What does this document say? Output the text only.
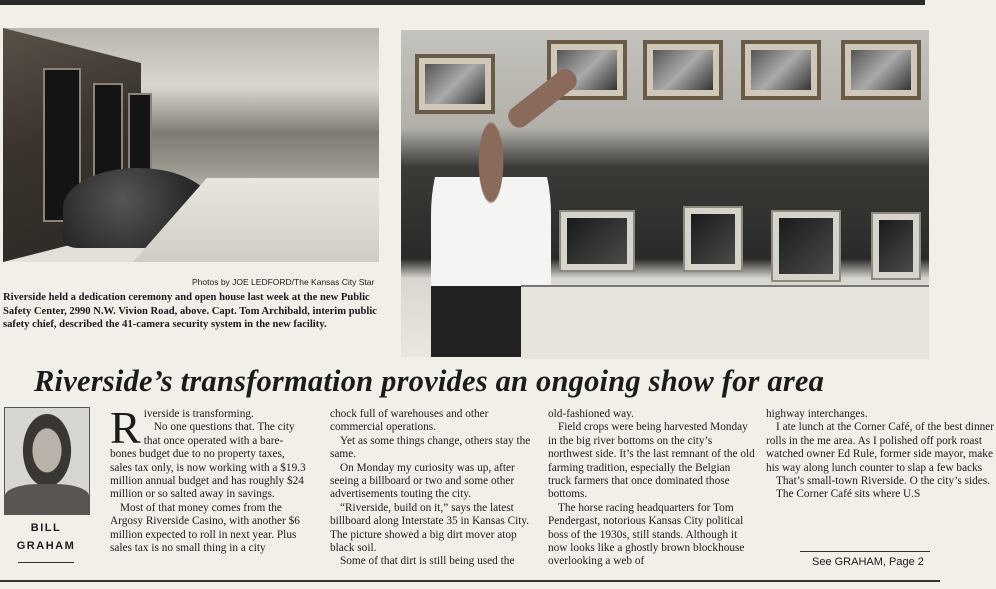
Photos by JOE LEDFORD/The Kansas City Star
Riverside held a dedication ceremony and open house last week at the new Public Safety Center, 2990 N.W. Vivion Road, above. Capt. Tom Archibald, interim public safety chief, described the 41-camera security system in the new facility.
Riverside’s transformation provides an ongoing show for area
BILL
GRAHAM

Riverside is transforming.

No one questions that. The city that once operated with a bare-bones budget due to no property taxes, sales tax only, is now working with a $19.3 million annual budget and has roughly $24 million or so salted away in savings.

Most of that money comes from the Argosy Riverside Casino, with another $6 million expected to roll in next year. Plus sales tax is no small thing in a city

chock full of warehouses and other commercial operations.

Yet as some things change, others stay the same.

On Monday my curiosity was up, after seeing a billboard or two and some other advertisements touting the city.

“Riverside, build on it,” says the latest billboard along Interstate 35 in Kansas City. The picture showed a big dirt mover atop black soil.

Some of that dirt is still being used the

old-fashioned way.

Field crops were being harvested Monday in the big river bottoms on the city’s northwest side. It’s the last remnant of the old farming tradition, especially the Belgian truck farmers that once dominated those bottoms.

The horse racing headquarters for Tom Pendergast, notorious Kansas City political boss of the 1930s, still stands. Although it now looks like a ghostly brown blockhouse overlooking a web of

highway interchanges.

I ate lunch at the Corner Café, of the best dinner rolls in the me area. As I polished off pork roast watched owner Ed Rule, former side mayor, make his way along lunch counter to slap a few backs

That’s small-town Riverside. O the city’s sides.

The Corner Café sits where U.S

See GRAHAM, Page 2
